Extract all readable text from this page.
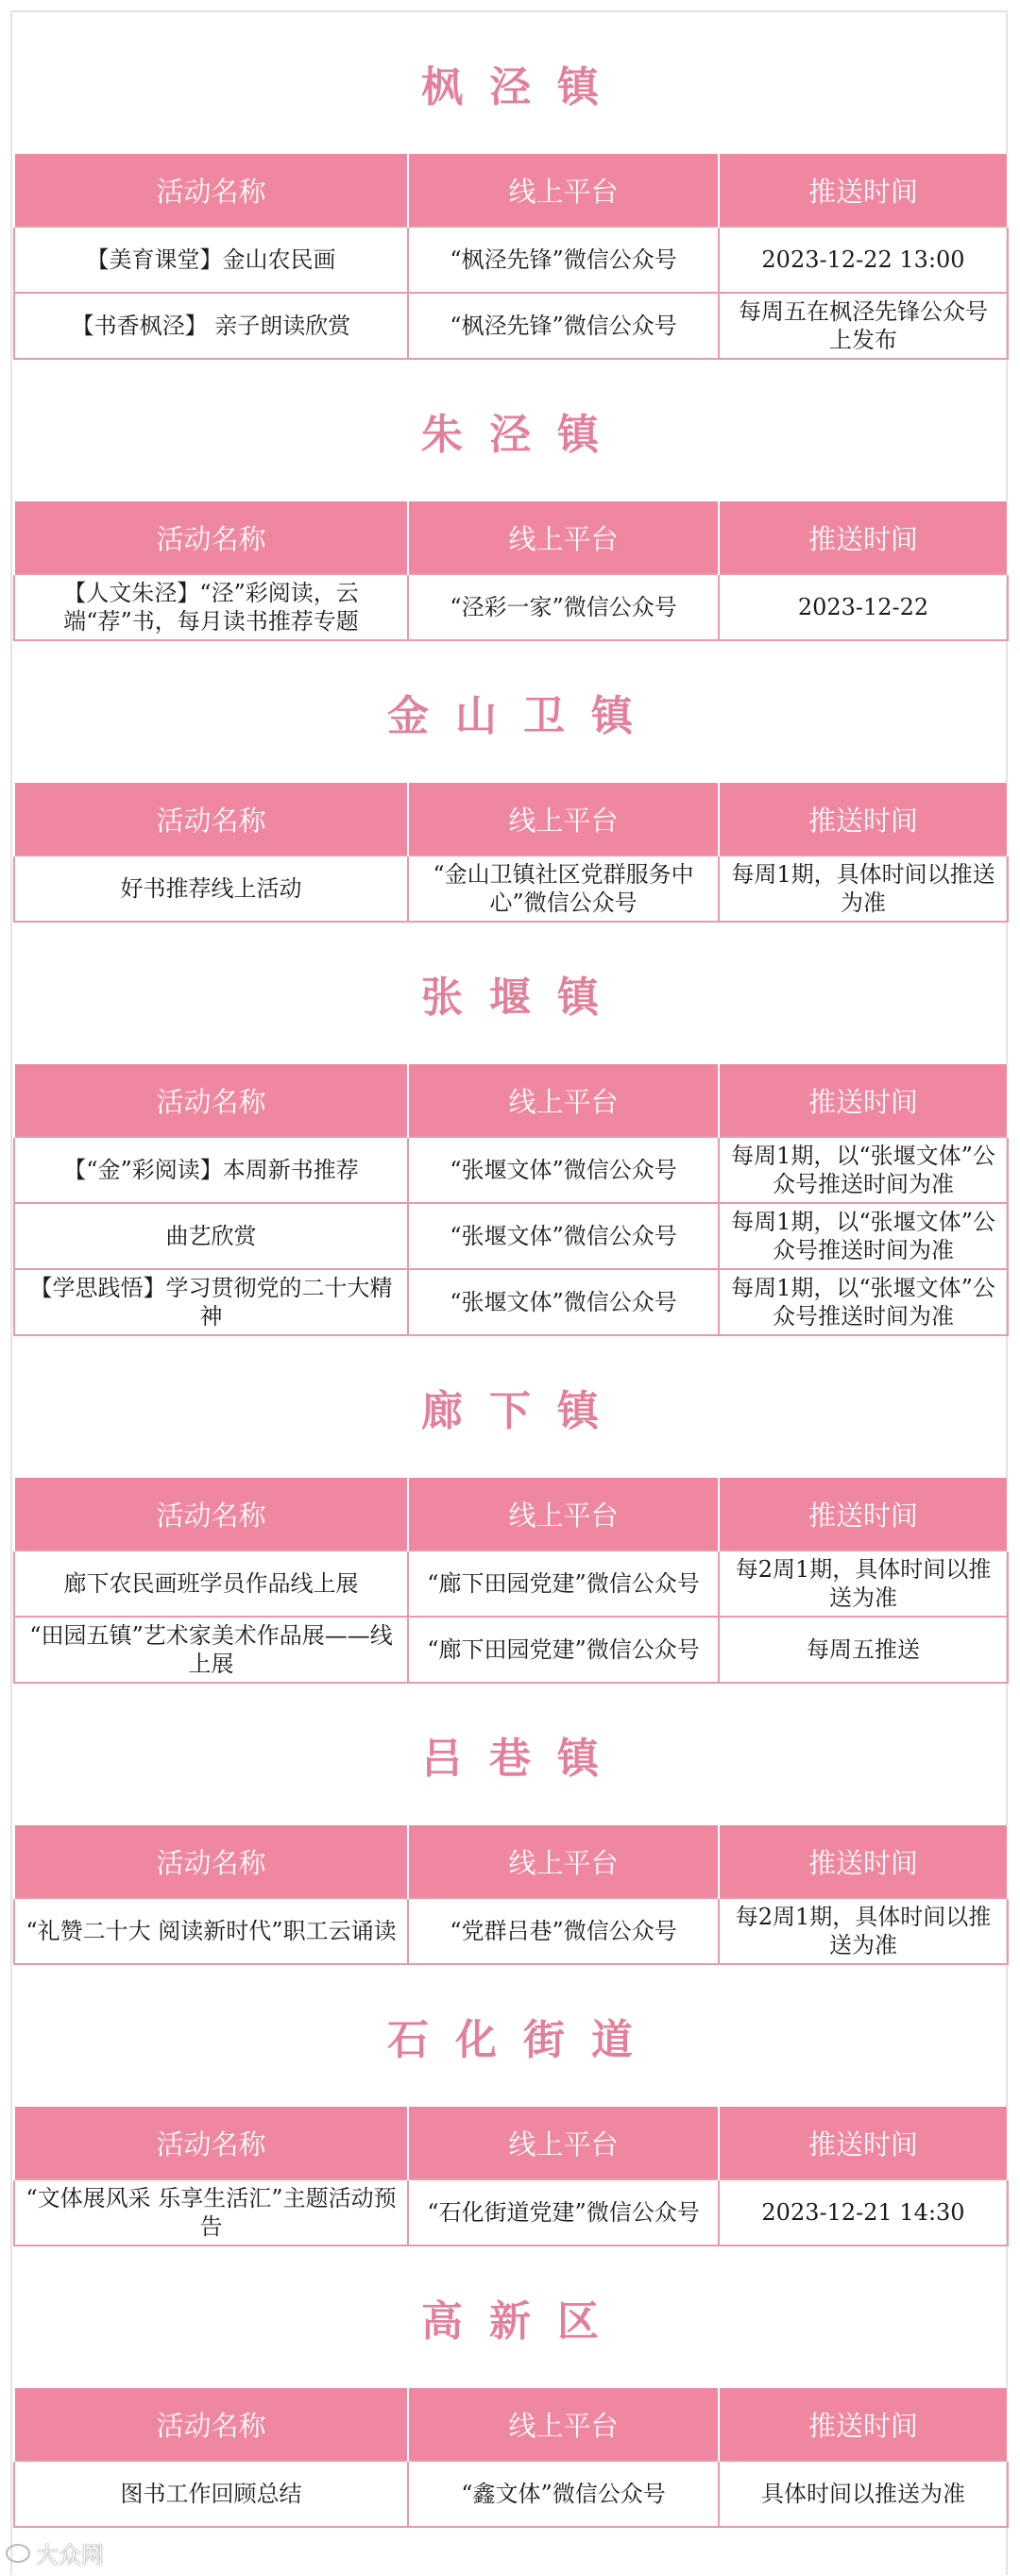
枫泾镇
活动名称	线上平台	推送时间
【美育课堂】金山农民画	“枫泾先锋”微信公众号	2023-12-22 13:00
【书香枫泾】 亲子朗读欣赏	“枫泾先锋”微信公众号	每周五在枫泾先锋公众号上发布
朱泾镇
活动名称	线上平台	推送时间
【人文朱泾】“泾”彩阅读，云端“荐”书，每月读书推荐专题	“泾彩一家”微信公众号	2023-12-22
金山卫镇
活动名称	线上平台	推送时间
好书推荐线上活动	“金山卫镇社区党群服务中心”微信公众号	每周1期，具体时间以推送为准
张堰镇
活动名称	线上平台	推送时间
【“金”彩阅读】本周新书推荐	“张堰文体”微信公众号	每周1期，以“张堰文体”公众号推送时间为准
曲艺欣赏	“张堰文体”微信公众号	每周1期，以“张堰文体”公众号推送时间为准
【学思践悟】学习贯彻党的二十大精神	“张堰文体”微信公众号	每周1期，以“张堰文体”公众号推送时间为准
廊下镇
活动名称	线上平台	推送时间
廊下农民画班学员作品线上展	“廊下田园党建”微信公众号	每2周1期，具体时间以推送为准
“田园五镇”艺术家美术作品展——线上展	“廊下田园党建”微信公众号	每周五推送
吕巷镇
活动名称	线上平台	推送时间
“礼赞二十大 阅读新时代”职工云诵读	“党群吕巷”微信公众号	每2周1期，具体时间以推送为准
石化街道
活动名称	线上平台	推送时间
“文体展风采 乐享生活汇”主题活动预告	“石化街道党建”微信公众号	2023-12-21 14:30
高新区
活动名称	线上平台	推送时间
图书工作回顾总结	“鑫文体”微信公众号	具体时间以推送为准
大众网
